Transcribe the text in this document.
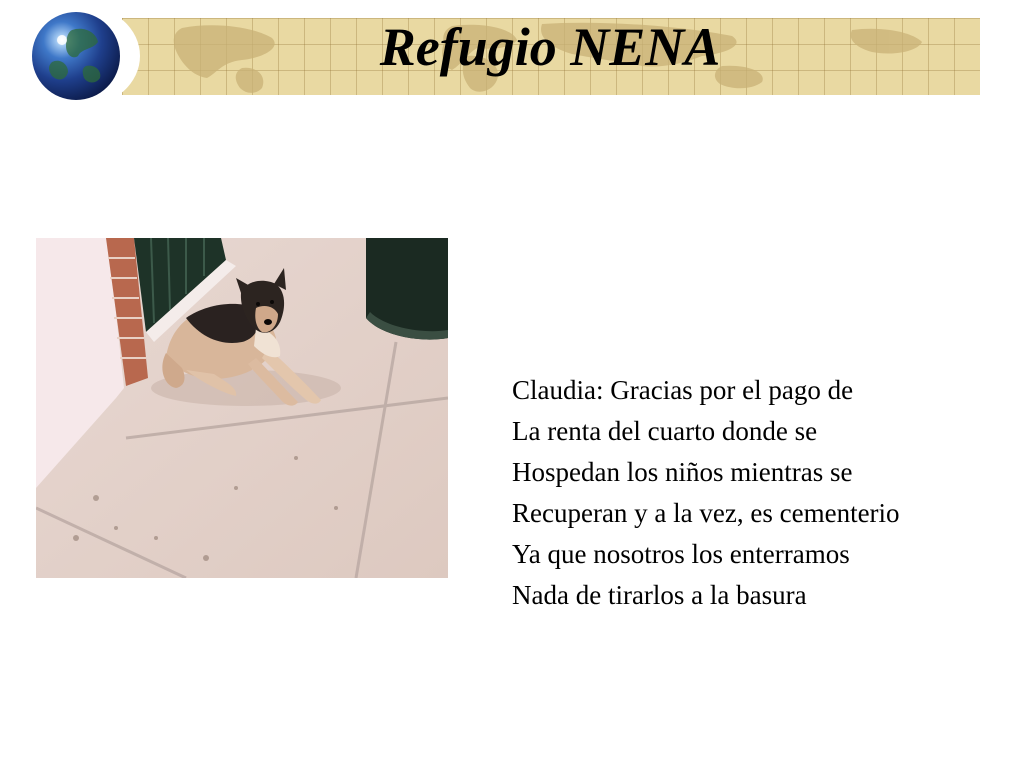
Refugio NENA
Claudia: Gracias por el pago de
La renta del cuarto donde se
Hospedan los niños mientras se
Recuperan y a la vez, es cementerio
Ya que nosotros los enterramos
Nada de tirarlos a la basura
